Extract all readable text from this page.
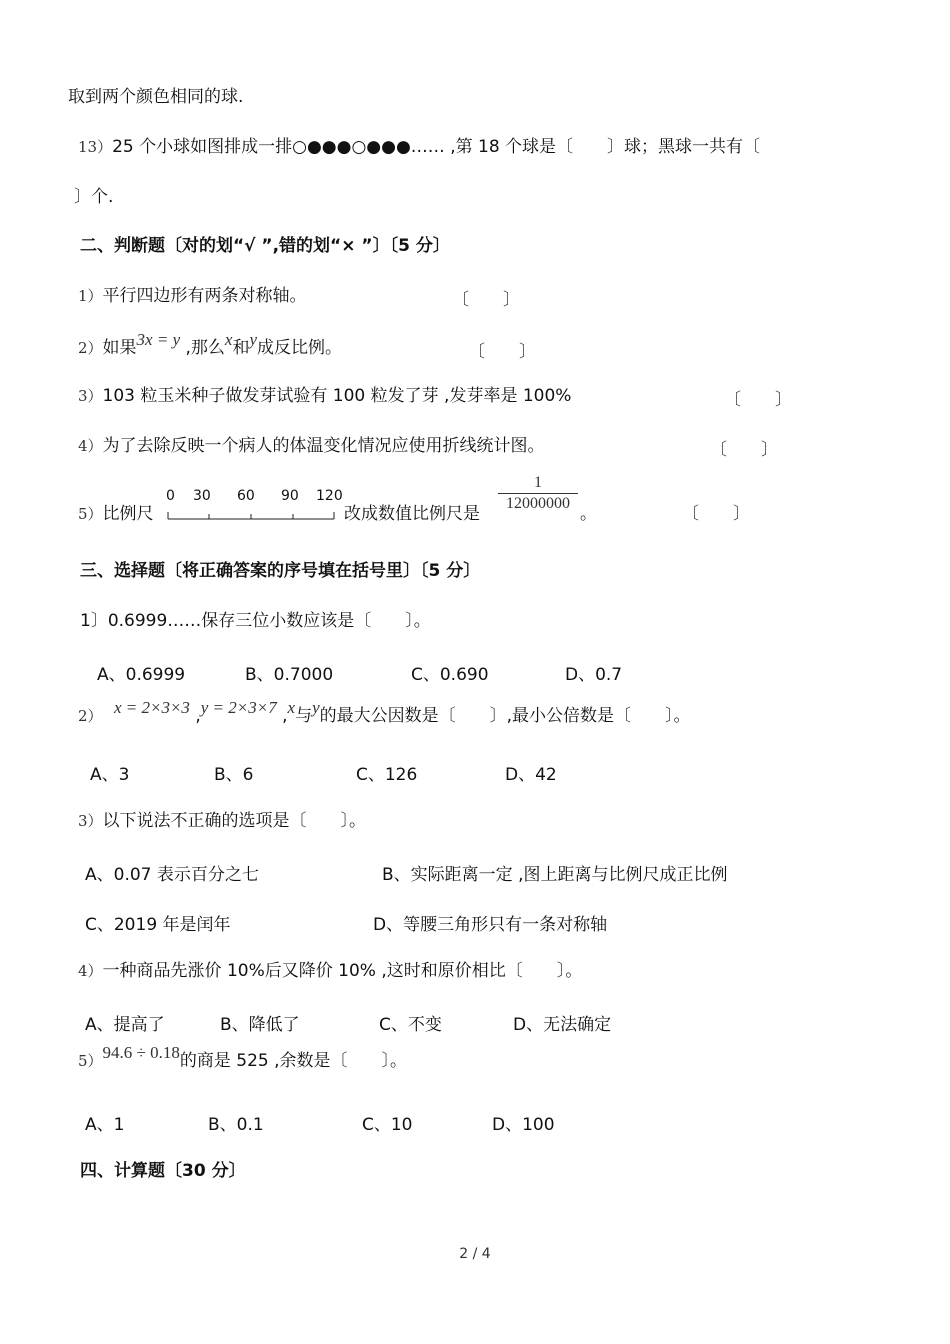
取到两个颜色相同的球.
13）25 个小球如图排成一排○●●●○●●●…… ,第 18 个球是〔　　〕球；黑球一共有〔
〕个.
二、判断题〔对的划“√ ”,错的划“× ”〕〔5 分〕
1）平行四边形有两条对称轴。	〔　　〕
2）如果3x = y ,那么x和y成反比例。	〔　　〕
3）103 粒玉米种子做发芽试验有 100 粒发了芽 ,发芽率是 100%	〔　　〕
4）为了去除反映一个病人的体温变化情况应使用折线统计图。	〔　　〕
5）比例尺
0 30 60 90 120
改成数值比例尺是
1
12000000
。	〔　　〕
三、选择题〔将正确答案的序号填在括号里〕〔5 分〕
1〕0.6999……保存三位小数应该是〔　　〕。
A、0.6999	B、0.7000	C、0.690	D、0.7
2） x = 2×3×3 ,y = 2×3×7 ,x与y的最大公因数是〔　　〕,最小公倍数是〔　　〕。
A、3	B、6	C、126	D、42
3）以下说法不正确的选项是〔　　〕。
A、0.07 表示百分之七	B、实际距离一定 ,图上距离与比例尺成正比例
C、2019 年是闰年	D、等腰三角形只有一条对称轴
4）一种商品先涨价 10%后又降价 10% ,这时和原价相比〔　　〕。
A、提高了	B、降低了	C、不变	D、无法确定
5）94.6 ÷ 0.18的商是 525 ,余数是〔　　〕。
A、1	B、0.1	C、10	D、100
四、计算题〔30 分〕
2 / 4
